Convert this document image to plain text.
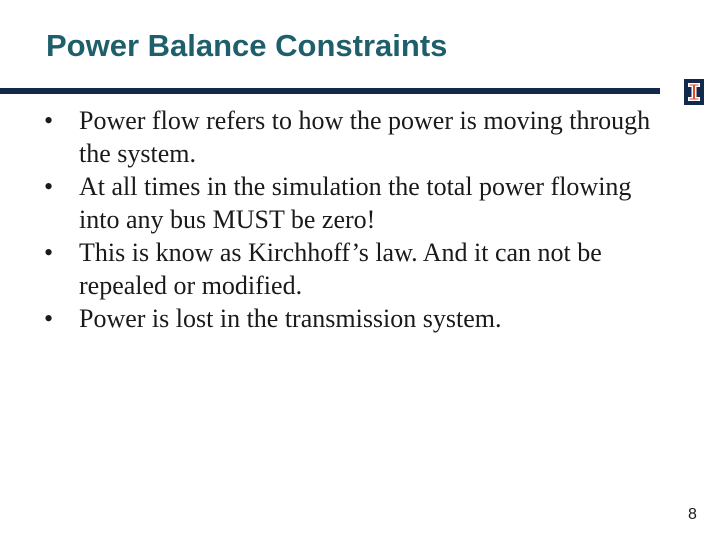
Power Balance Constraints
• Power flow refers to how the power is moving through the system.
• At all times in the simulation the total power flowing into any bus MUST be zero!
• This is know as Kirchhoff’s law. And it can not be repealed or modified.
• Power is lost in the transmission system.
8
